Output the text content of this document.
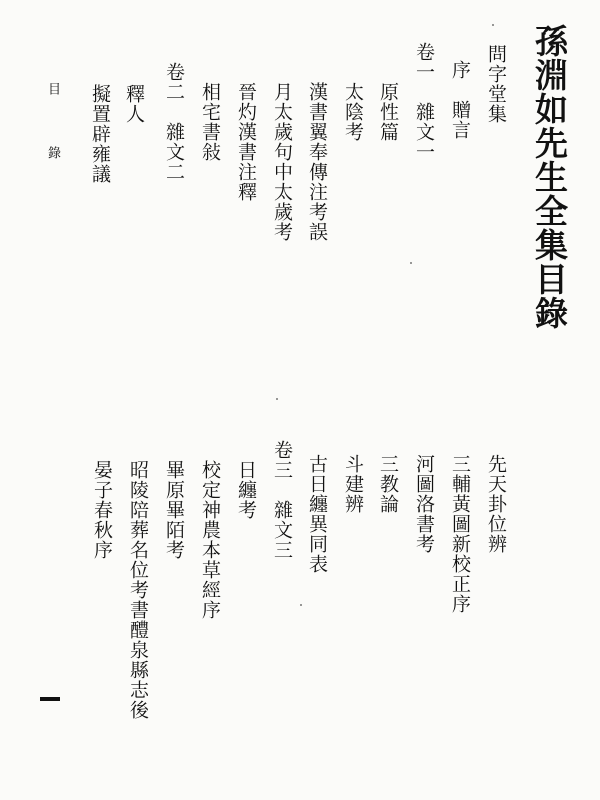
孫淵如先生全集目錄
問字堂集
序贈言
卷一雜文一
原性篇
太陰考
漢書翼奉傳注考誤
月太歲句中太歲考
晉灼漢書注釋
相宅書敍
卷二雜文二
釋人
擬置辟雍議
目 錄
先天卦位辨
三輔黃圖新校正序
河圖洛書考
三教論
斗建辨
古日纏異同表
卷三雜文三
日纏考
校定神農本草經序
畢原畢陌考
昭陵陪葬名位考書醴泉縣志後
晏子春秋序
